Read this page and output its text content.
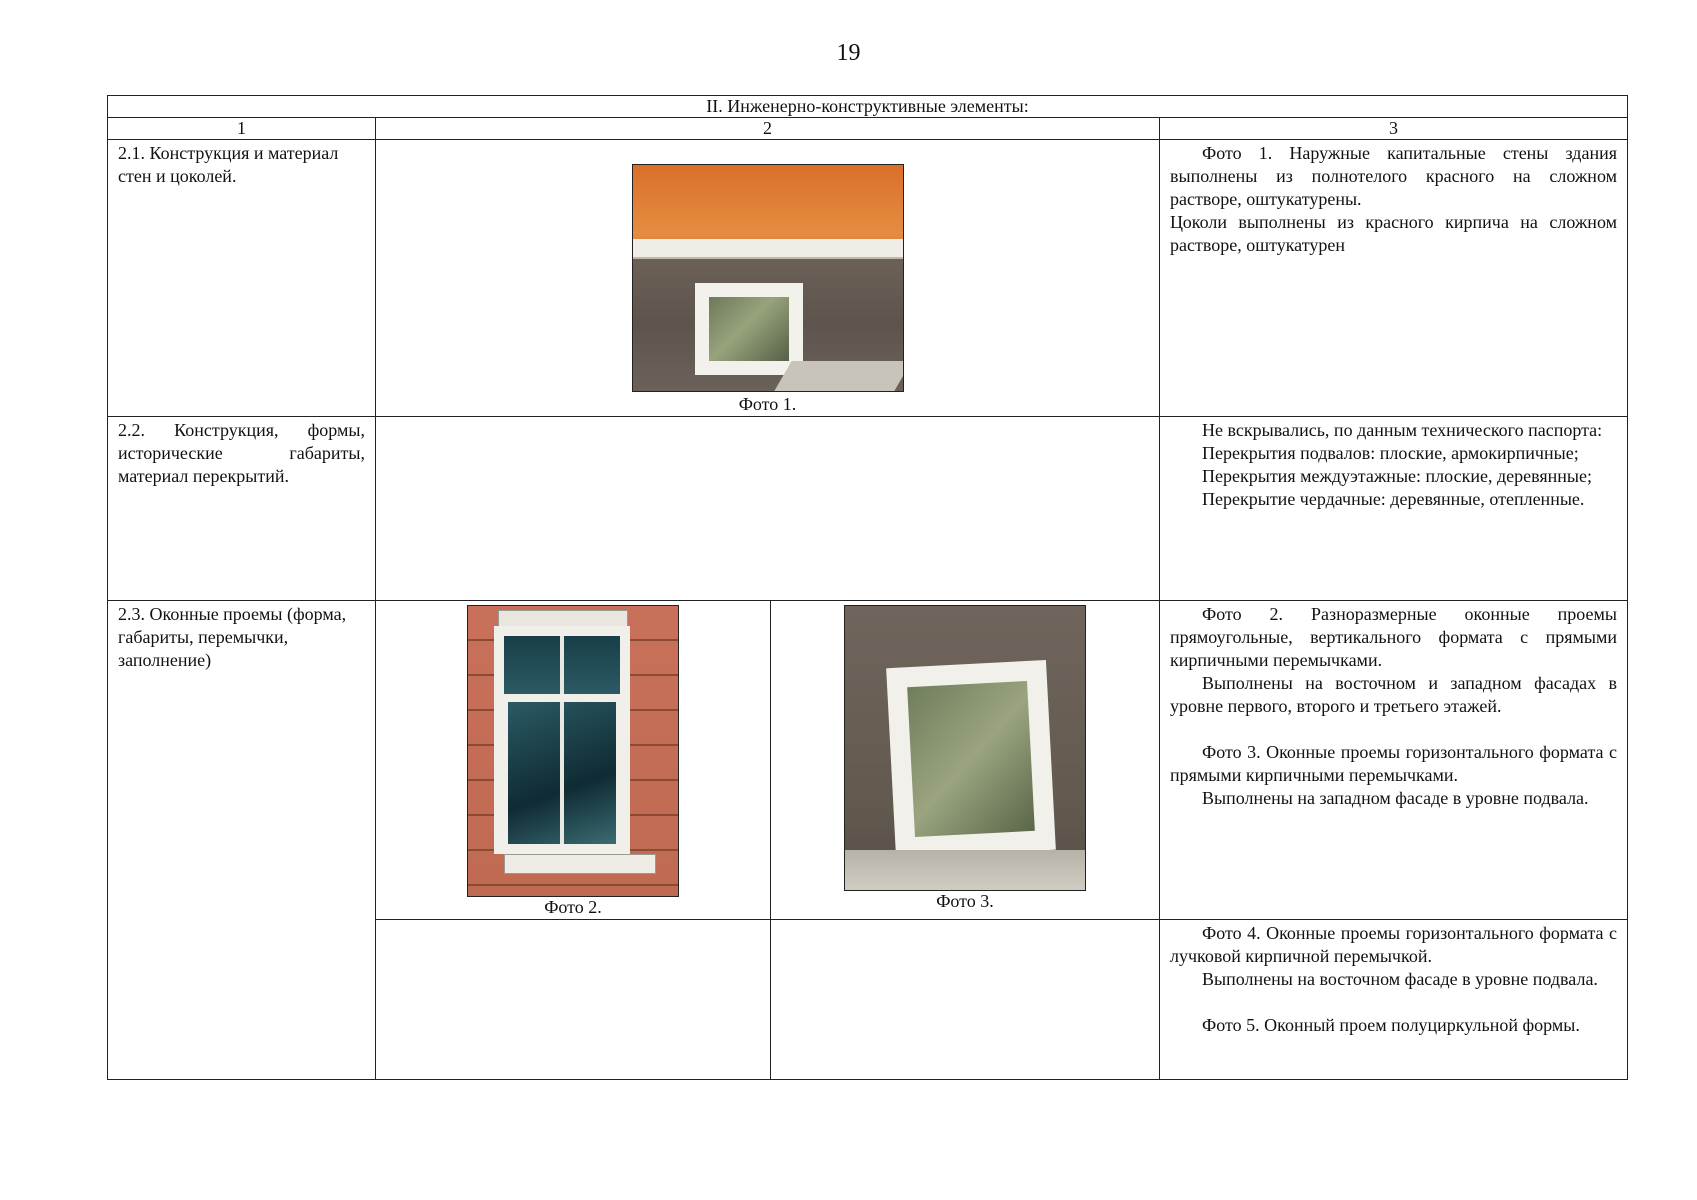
19
II. Инженерно-конструктивные элементы:			
1	2		3
2.1. Конструкция и материал стен и цоколей.	Фото 1.		Фото 1. Наружные капитальные стены здания выполнены из полнотелого красного на сложном растворе, оштукатурены.

Цоколи выполнены из красного кирпича на сложном растворе, оштукатурен

2.2. Конструкция, формы, исторические габариты, материал перекрытий.			Не вскрывались, по данным технического паспорта:

Перекрытия подвалов: плоские, армокирпичные;

Перекрытия междуэтажные: плоские, деревянные;

Перекрытие чердачные: деревянные, отепленные.

2.3. Оконные проемы (форма, габариты, перемычки, заполнение)	Фото 2.	Фото 3.	Фото 2. Разноразмерные оконные проемы прямоугольные, вертикального формата с прямыми кирпичными перемычками.

Выполнены на восточном и западном фасадах в уровне первого, второго и третьего этажей.

Фото 3. Оконные проемы горизонтального формата с прямыми кирпичными перемычками.

Выполнены на западном фасаде в уровне подвала.

			Фото 4. Оконные проемы горизонтального формата с лучковой кирпичной перемычкой.

Выполнены на восточном фасаде в уровне подвала.

Фото 5. Оконный проем полуциркульной формы.
